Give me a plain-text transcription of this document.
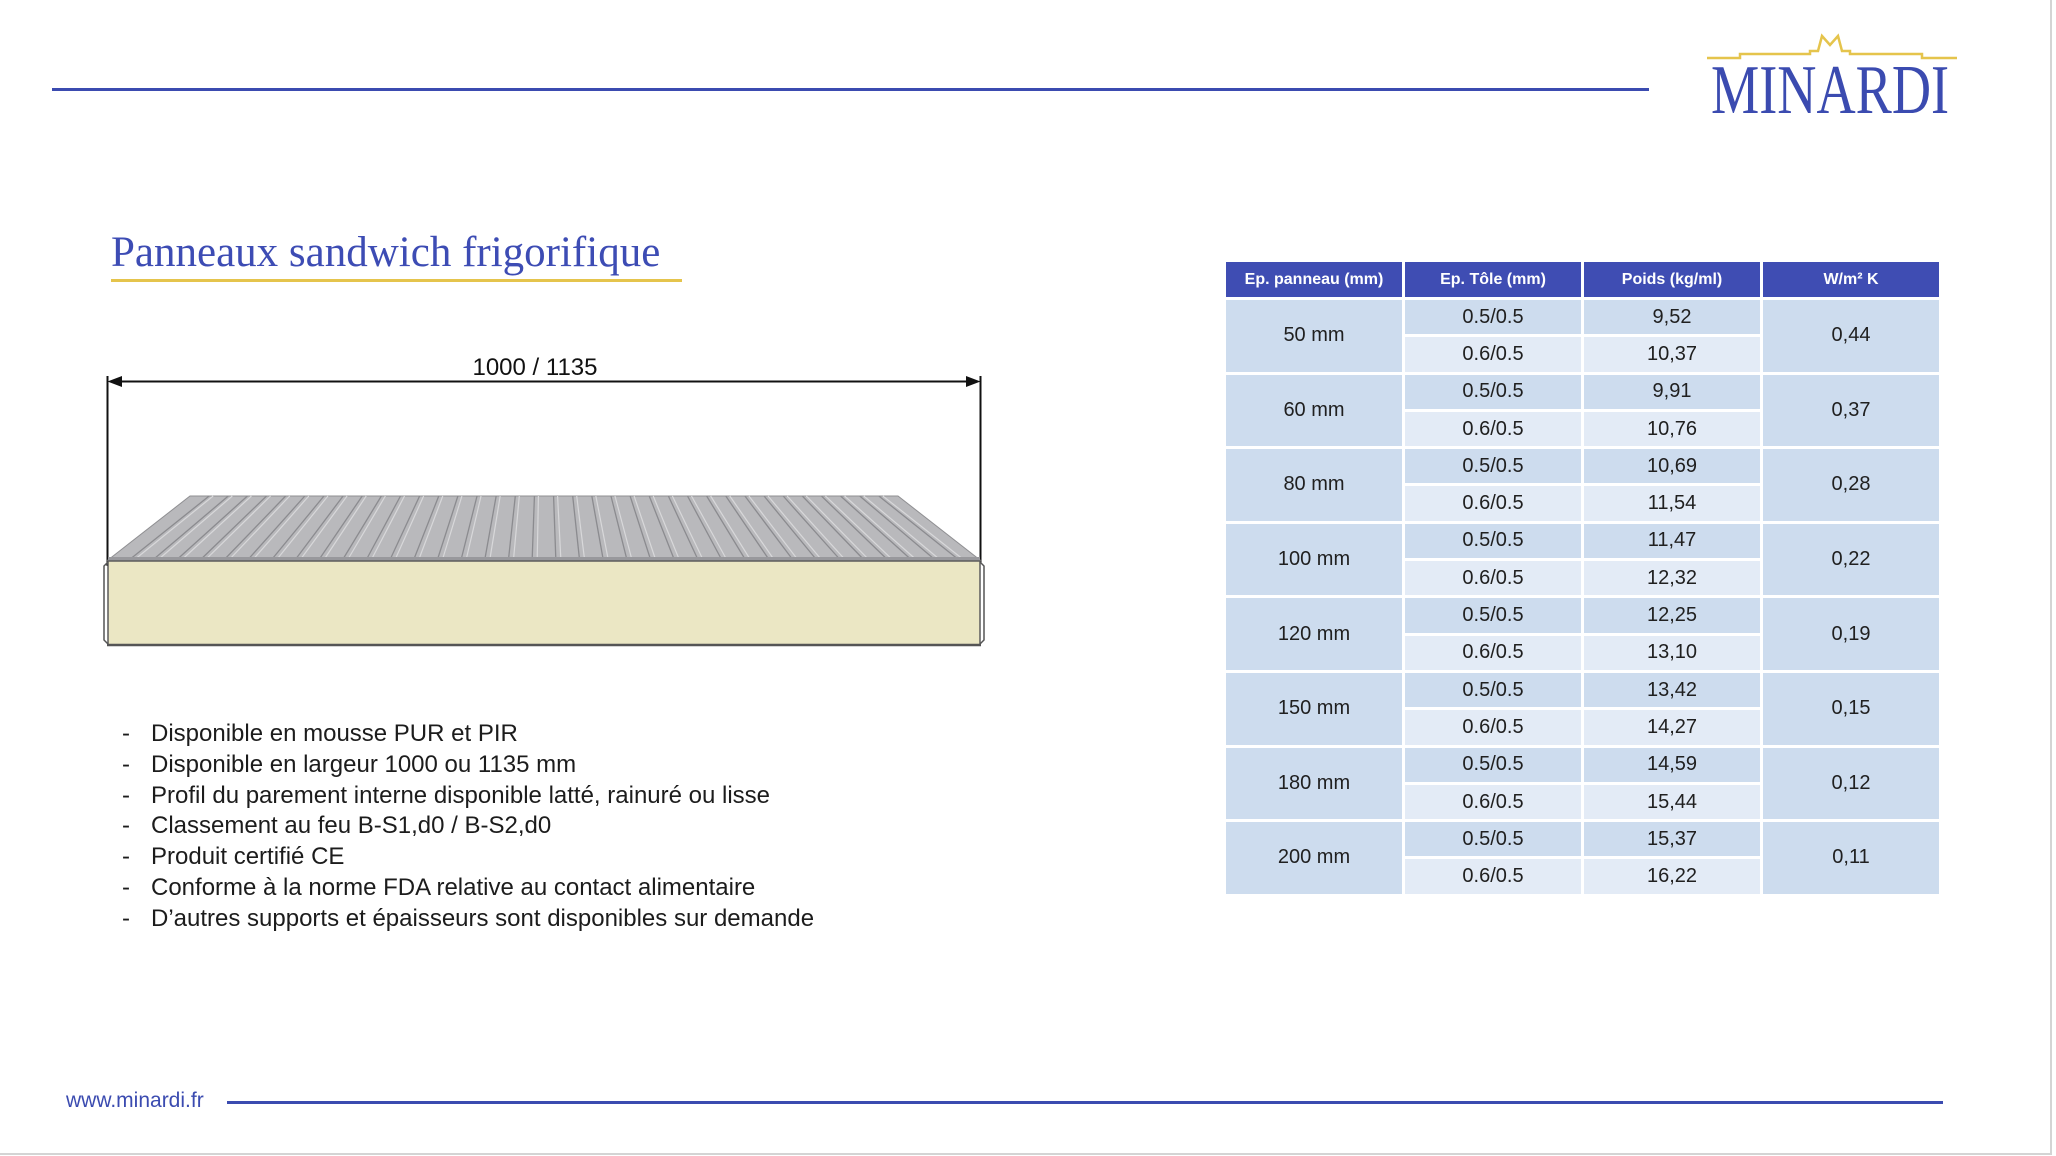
MINARDI
Panneaux sandwich frigorifique
1000 / 1135
- Disponible en mousse PUR et PIR
- Disponible en largeur 1000 ou 1135 mm
- Profil du parement interne disponible latté, rainuré ou lisse
- Classement au feu B-S1,d0 / B-S2,d0
- Produit certifié CE
- Conforme à la norme FDA relative au contact alimentaire
- D’autres supports et épaisseurs sont disponibles sur demande
Ep. panneau (mm)	Ep. Tôle (mm)	Poids (kg/ml)	W/m² K
50 mm	0.5/0.5	9,52	0,44
	0.6/0.5	10,37	
60 mm	0.5/0.5	9,91	0,37
	0.6/0.5	10,76	
80 mm	0.5/0.5	10,69	0,28
	0.6/0.5	11,54	
100 mm	0.5/0.5	11,47	0,22
	0.6/0.5	12,32	
120 mm	0.5/0.5	12,25	0,19
	0.6/0.5	13,10	
150 mm	0.5/0.5	13,42	0,15
	0.6/0.5	14,27	
180 mm	0.5/0.5	14,59	0,12
	0.6/0.5	15,44	
200 mm	0.5/0.5	15,37	0,11
	0.6/0.5	16,22	
www.minardi.fr
